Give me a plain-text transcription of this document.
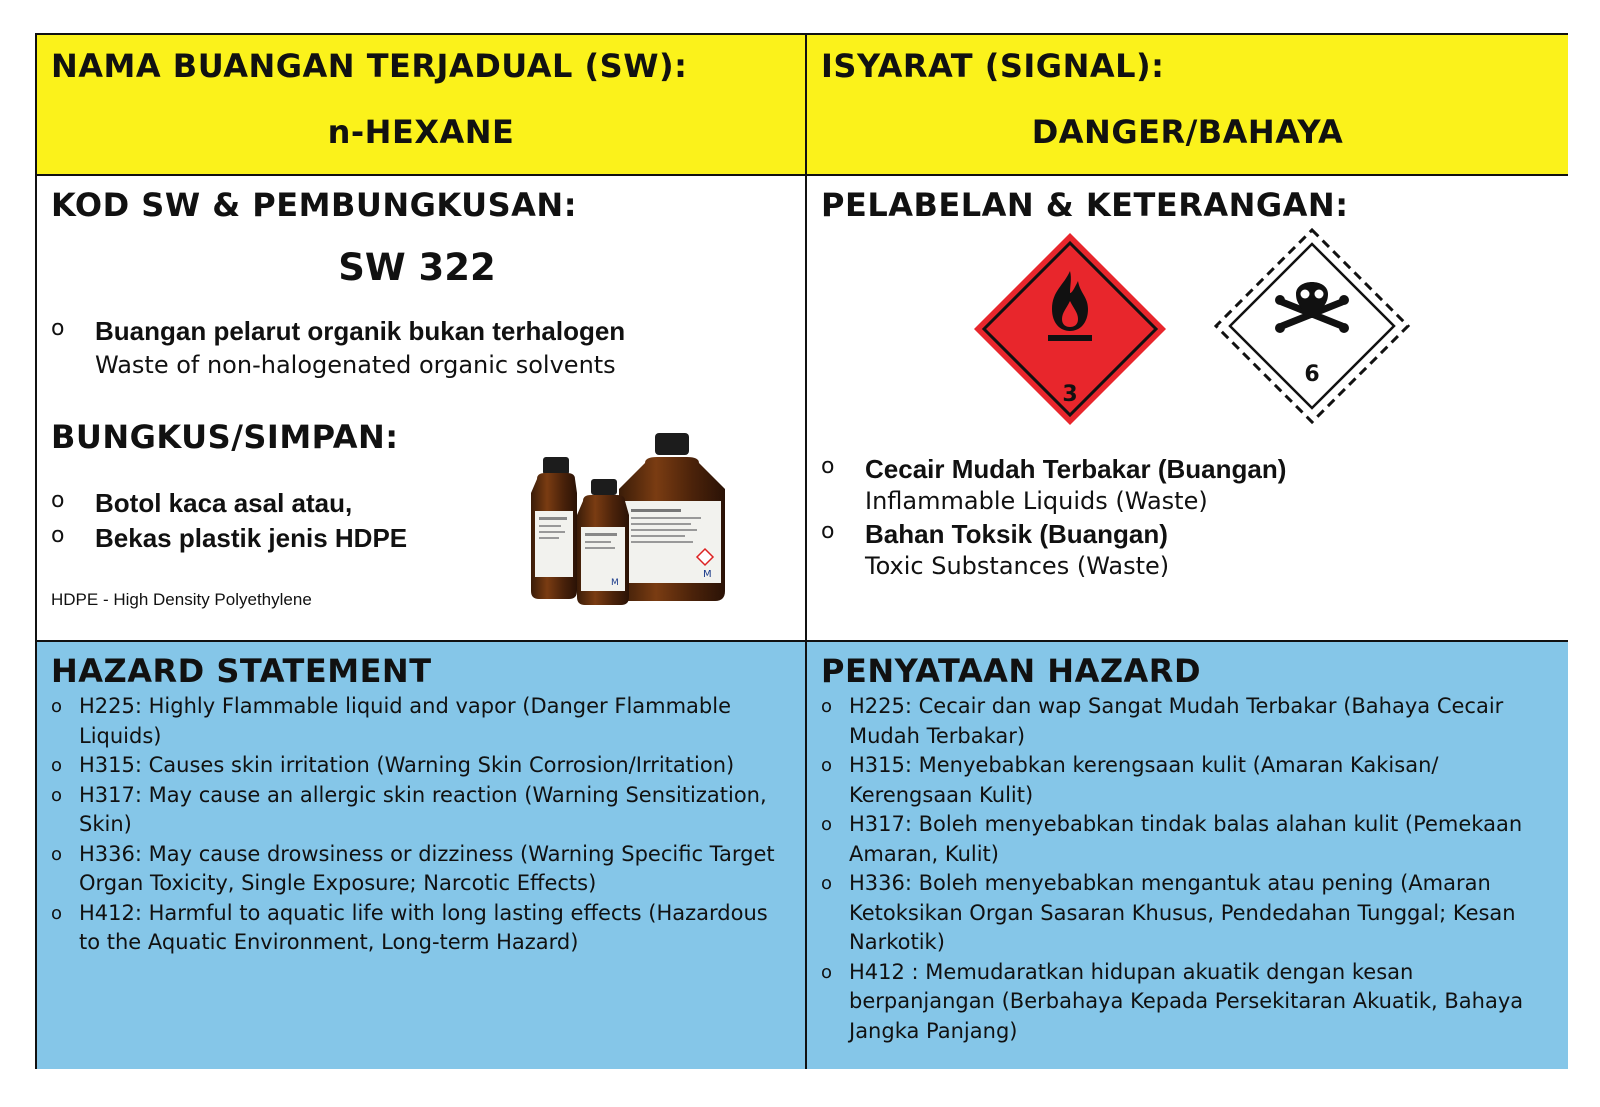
NAMA BUANGAN TERJADUAL (SW):
n-HEXANE
ISYARAT (SIGNAL):
DANGER/BAHAYA
KOD SW & PEMBUNGKUSAN:
SW 322
o	Buangan pelarut organik bukan terhalogen
Waste of non-halogenated organic solvents
BUNGKUS/SIMPAN:
o	Botol kaca asal atau,
o	Bekas plastik jenis HDPE
HDPE - High Density Polyethylene
M
M
PELABELAN & KETERANGAN:
3
6
o	Cecair Mudah Terbakar (Buangan)
Inflammable Liquids (Waste)
o	Bahan Toksik (Buangan)
Toxic Substances (Waste)
HAZARD STATEMENT
o H225: Highly Flammable liquid and vapor (Danger Flammable
Liquids)
o H315: Causes skin irritation (Warning Skin Corrosion/Irritation)
o H317: May cause an allergic skin reaction (Warning Sensitization,
Skin)
o H336: May cause drowsiness or dizziness (Warning Specific Target
Organ Toxicity, Single Exposure; Narcotic Effects)
o H412: Harmful to aquatic life with long lasting effects (Hazardous
to the Aquatic Environment, Long-term Hazard)
PENYATAAN HAZARD
o H225: Cecair dan wap Sangat Mudah Terbakar (Bahaya Cecair
Mudah Terbakar)
o H315: Menyebabkan kerengsaan kulit (Amaran Kakisan/
Kerengsaan Kulit)
o H317: Boleh menyebabkan tindak balas alahan kulit (Pemekaan
Amaran, Kulit)
o H336: Boleh menyebabkan mengantuk atau pening (Amaran
Ketoksikan Organ Sasaran Khusus, Pendedahan Tunggal; Kesan
Narkotik)
o H412 : Memudaratkan hidupan akuatik dengan kesan
berpanjangan (Berbahaya Kepada Persekitaran Akuatik, Bahaya
Jangka Panjang)
